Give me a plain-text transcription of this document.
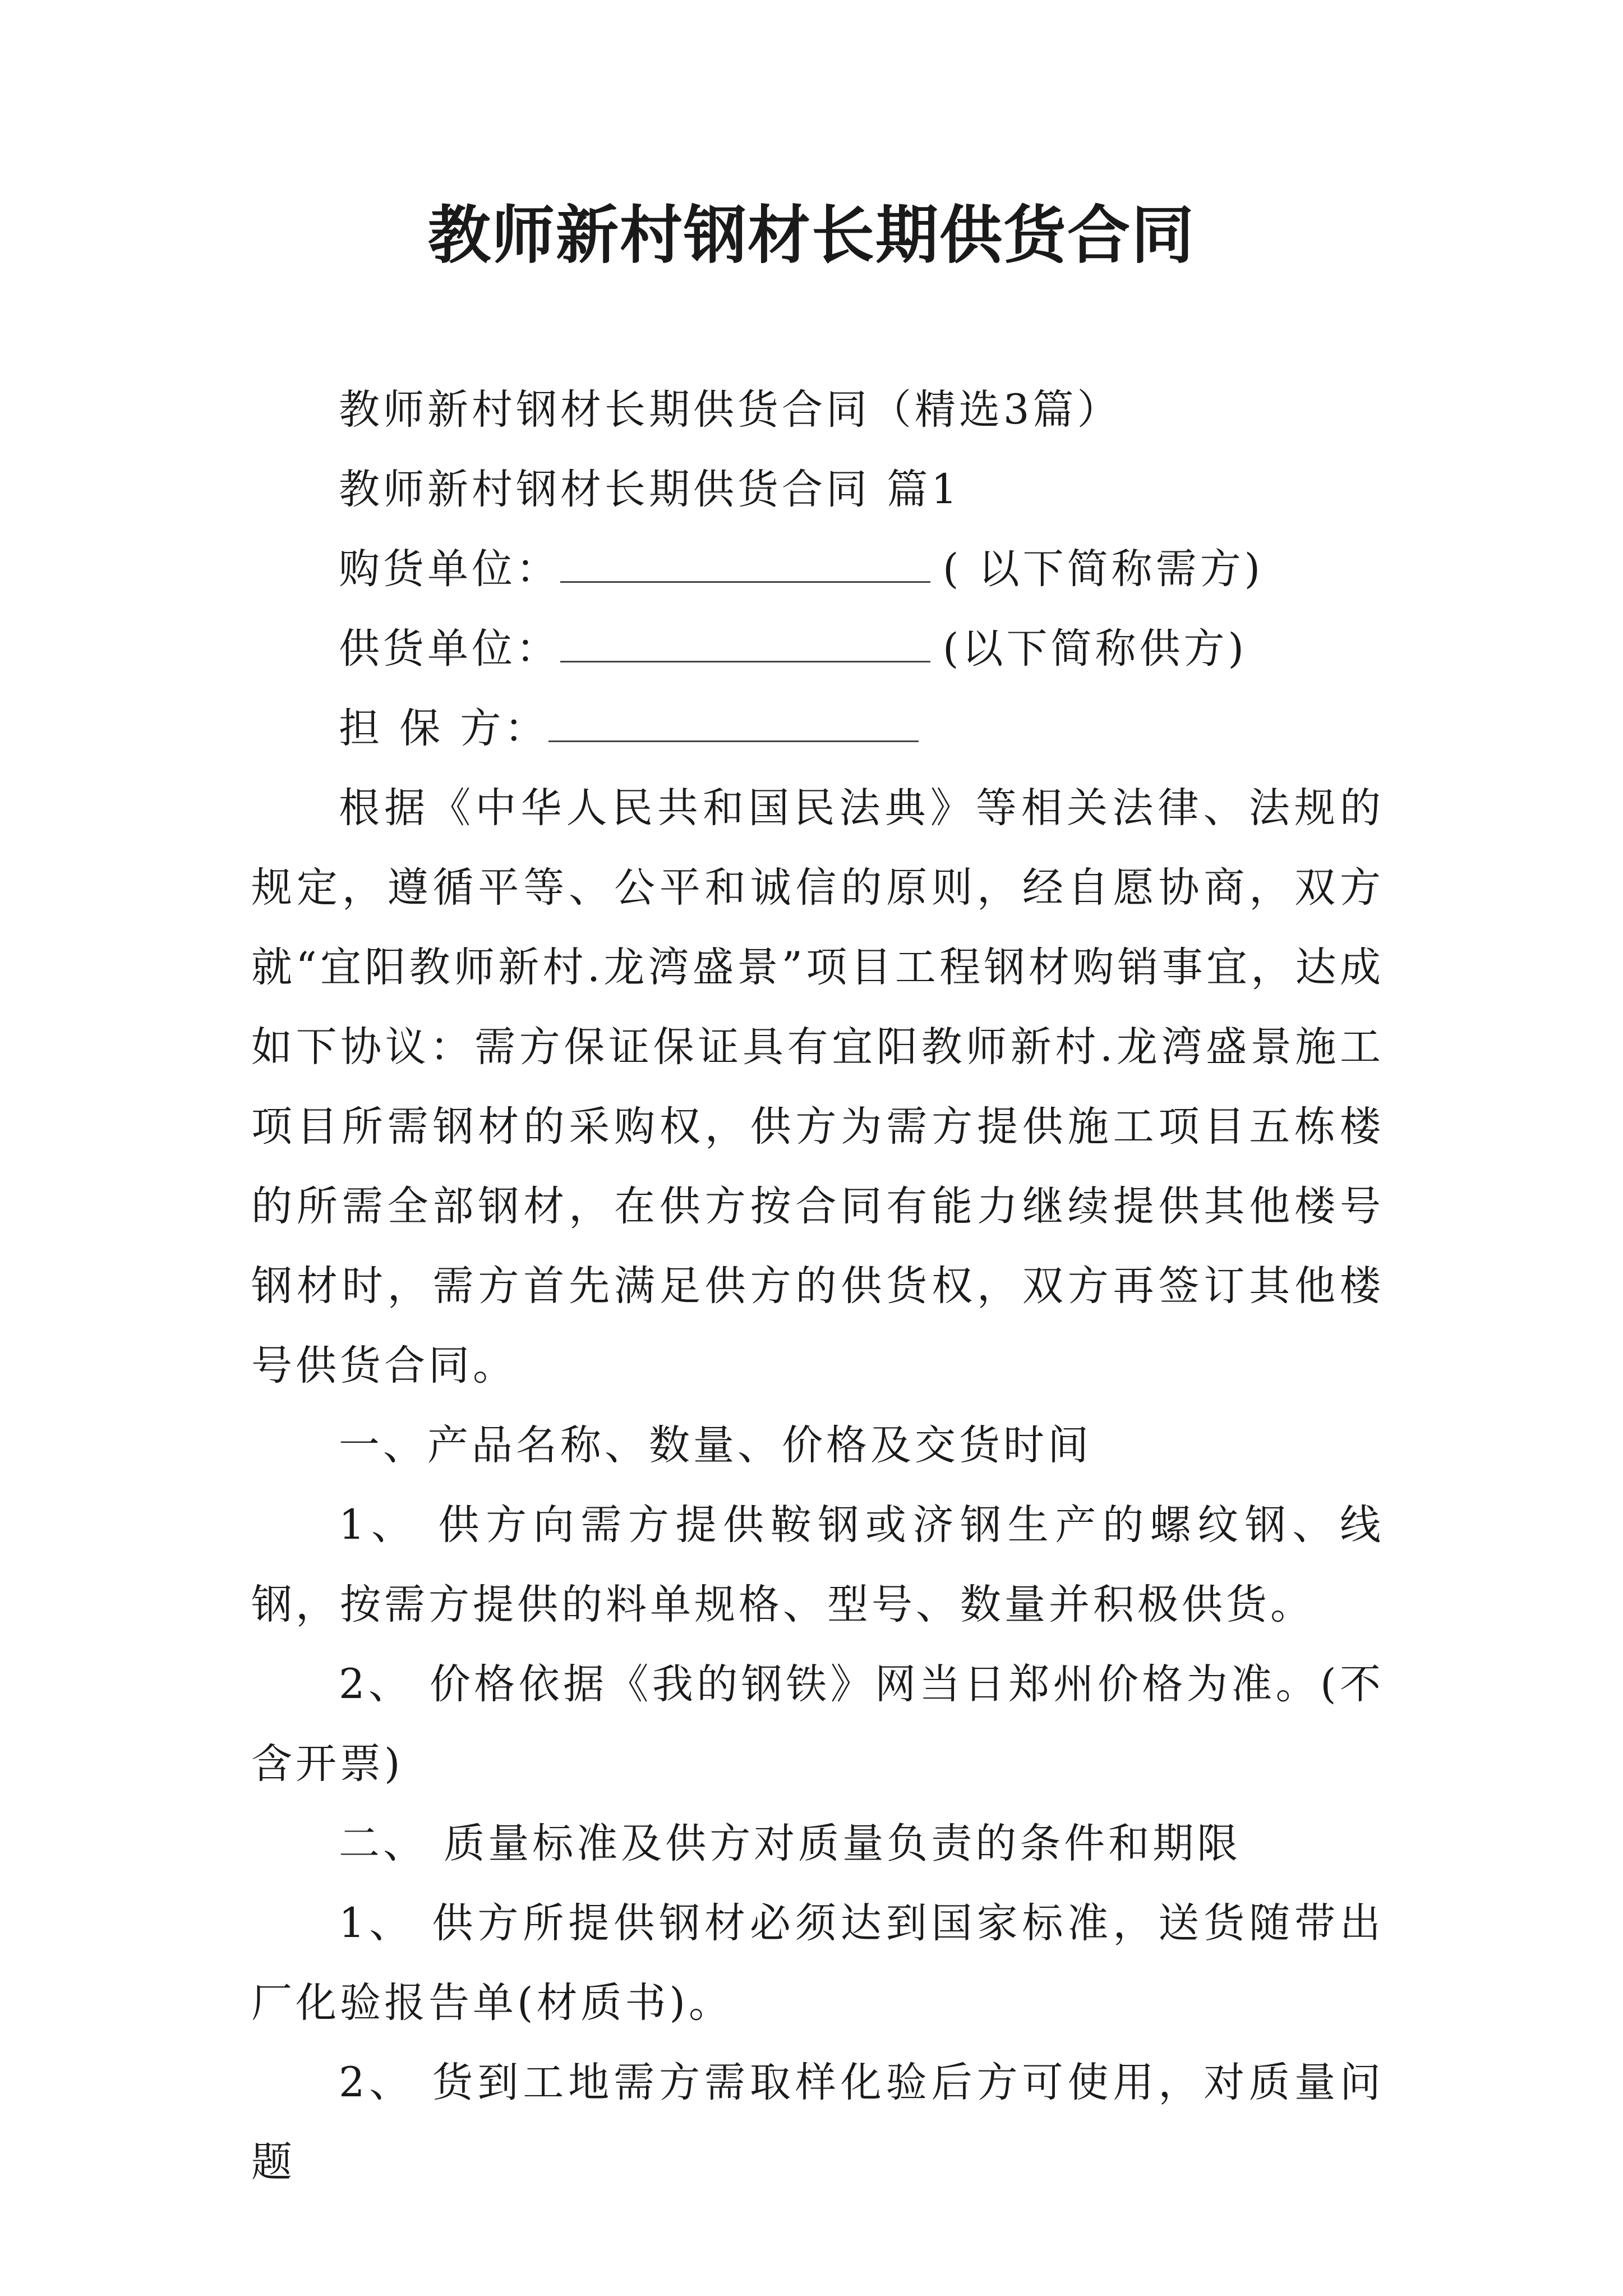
教师新村钢材长期供货合同

教师新村钢材长期供货合同（精选3篇）

教师新村钢材长期供货合同 篇1

购货单位：	( 以下简称需方)

供货单位：	(以下简称供方)

担 保 方：

根据《中华人民共和国民法典》等相关法律、法规的规定，遵循平等、公平和诚信的原则，经自愿协商，双方就“宜阳教师新村.龙湾盛景”项目工程钢材购销事宜，达成如下协议：需方保证保证具有宜阳教师新村.龙湾盛景施工项目所需钢材的采购权，供方为需方提供施工项目五栋楼的所需全部钢材，在供方按合同有能力继续提供其他楼号钢材时，需方首先满足供方的供货权，双方再签订其他楼号供货合同。

一、产品名称、数量、价格及交货时间

1、 供方向需方提供鞍钢或济钢生产的螺纹钢、线钢，按需方提供的料单规格、型号、数量并积极供货。

2、 价格依据《我的钢铁》网当日郑州价格为准。(不含开票)

二、 质量标准及供方对质量负责的条件和期限

1、 供方所提供钢材必须达到国家标准，送货随带出厂化验报告单(材质书)。

2、 货到工地需方需取样化验后方可使用，对质量问题
